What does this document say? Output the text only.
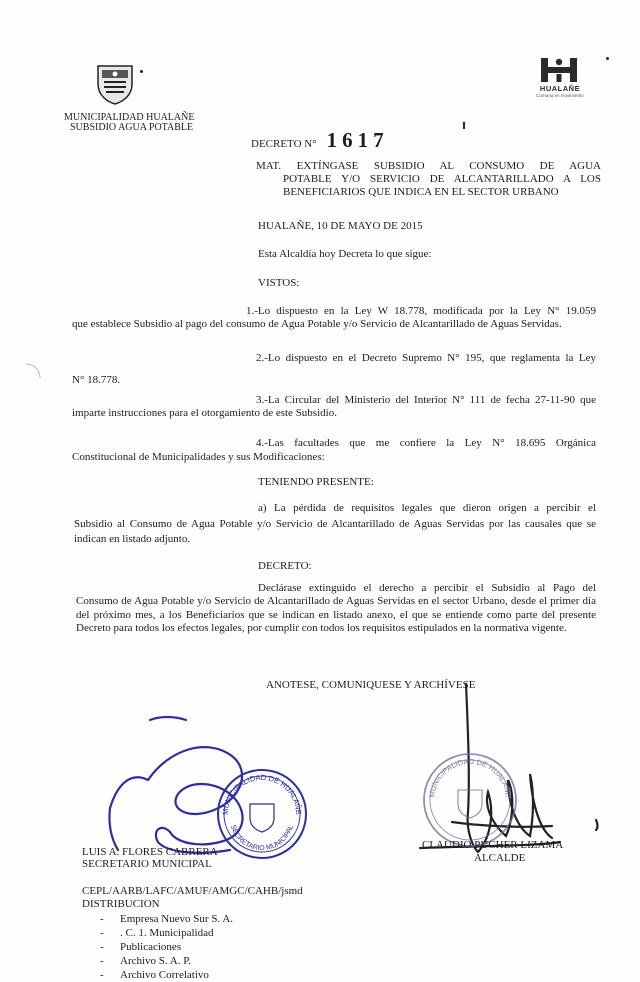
MUNICIPALIDAD HUALAÑE
SUBSIDIO AGUA POTABLE
HUALAÑE
Comuna en movimiento
DECRETO N° 1617
MAT. EXTÍNGASE SUBSIDIO AL CONSUMO DE AGUA
POTABLE Y/O SERVICIO DE ALCANTARILLADO A LOS
BENEFICIARIOS QUE INDICA EN EL SECTOR URBANO
HUALAÑE, 10 DE MAYO DE 2015
Esta Alcaldía hoy Decreta lo que sigue:
VISTOS:
1.-Lo dispuesto en la Ley W 18.778, modificada por la Ley N° 19.059
que establece Subsidio al pago del consumo de Agua Potable y/o Servicio de Alcantarillado de Aguas Servidas.
2.-Lo dispuesto en el Decreto Supremo N° 195, que reglamenta la Ley
N° 18.778.
3.-La Circular del Ministerio del Interior N° 111 de fecha 27-11-90 que
imparte instrucciones para el otorgamiento de este Subsidio.
4.-Las facultades que me confiere la Ley N° 18.695 Orgánica
Constitucional de Municipalidades y sus Modificaciones:
TENIENDO PRESENTE:
a) La pérdida de requisitos legales que dieron origen a percibir el
Subsidio al Consumo de Agua Potable y/o Servicio de Alcantarillado de Aguas Servidas por las causales que se indican en listado adjunto.
DECRETO:
Declárase extinguido el derecho a percibir el Subsidio al Pago del
Consumo de Agua Potable y/o Servicio de Alcantarillado de Aguas Servidas en el sector Urbano, desde el primer día del próximo mes, a los Beneficiarios que se indican en listado anexo, el que se entiende como parte del presente Decreto para todos los efectos legales, por cumplir con todos los requisitos estipulados en la normativa vigente.
ANOTESE, COMUNIQUESE Y ARCHÍVESE
MUNICIPALIDAD DE HUALAÑE
SECRETARIO MUNICIPAL
MUNICIPALIDAD DE HUALAÑE
LUIS A. FLORES CABRERA
SECRETARIO MUNICIPAL
CLAUDIO PUCHER LIZAMA
ALCALDE
CEPL/AARB/LAFC/AMUF/AMGC/CAHB/jsmd
DISTRIBUCION
- Empresa Nuevo Sur S. A.
- . C. 1. Municipalidad
- Publicaciones
- Archivo S. A. P.
- Archivo Correlativo
